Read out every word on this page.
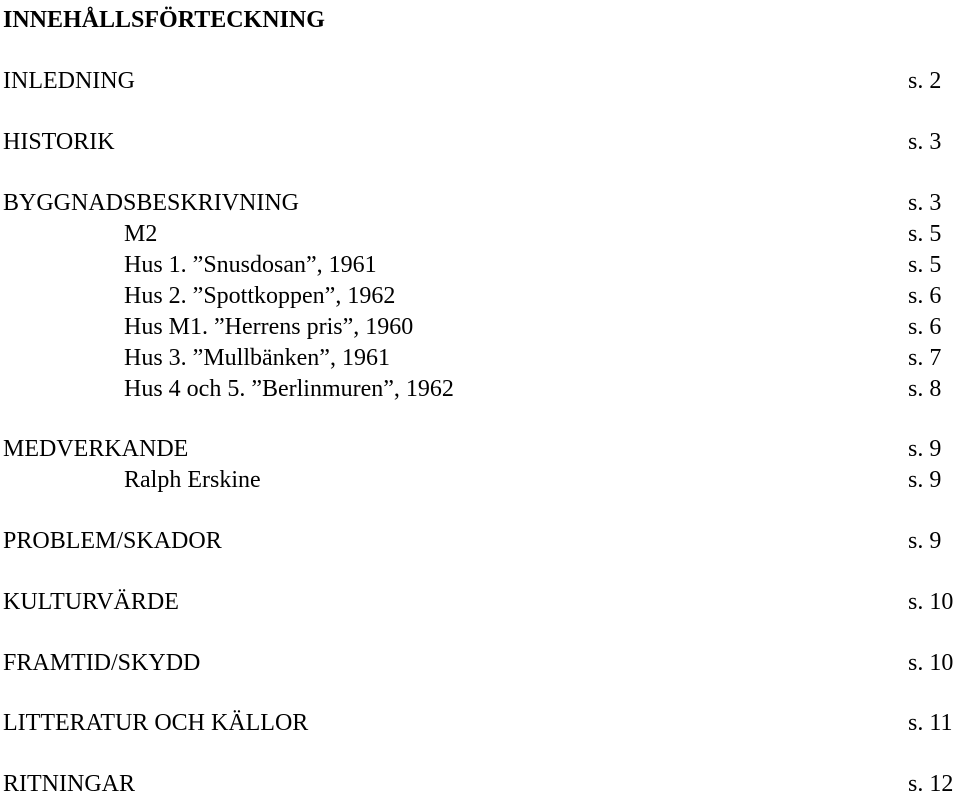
INNEHÅLLSFÖRTECKNING
INLEDNING	s. 2
HISTORIK	s. 3
BYGGNADSBESKRIVNING	s. 3
M2	s. 5
Hus 1. ”Snusdosan”, 1961	s. 5
Hus 2. ”Spottkoppen”, 1962	s. 6
Hus M1. ”Herrens pris”, 1960	s. 6
Hus 3. ”Mullbänken”, 1961	s. 7
Hus 4 och 5. ”Berlinmuren”, 1962	s. 8
MEDVERKANDE	s. 9
Ralph Erskine	s. 9
PROBLEM/SKADOR	s. 9
KULTURVÄRDE	s. 10
FRAMTID/SKYDD	s. 10
LITTERATUR OCH KÄLLOR	s. 11
RITNINGAR	s. 12
